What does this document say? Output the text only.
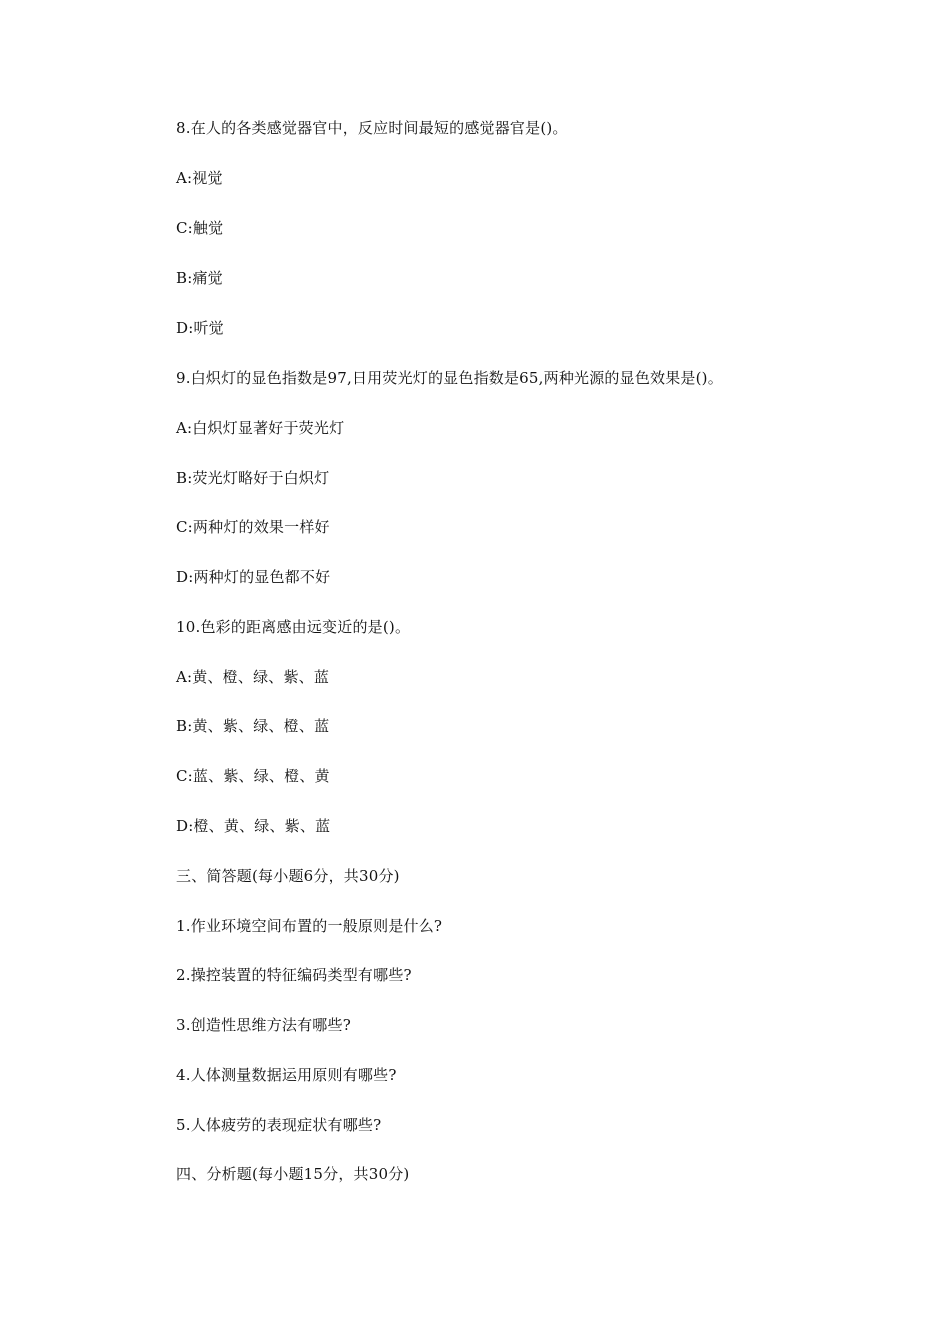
8.在人的各类感觉器官中，反应时间最短的感觉器官是()。
A:视觉
C:触觉
B:痛觉
D:听觉
9.白炽灯的显色指数是97,日用荧光灯的显色指数是65,两种光源的显色效果是()。
A:白炽灯显著好于荧光灯
B:荧光灯略好于白炽灯
C:两种灯的效果一样好
D:两种灯的显色都不好
10.色彩的距离感由远变近的是()。
A:黄、橙、绿、紫、蓝
B:黄、紫、绿、橙、蓝
C:蓝、紫、绿、橙、黄
D:橙、黄、绿、紫、蓝
三、简答题(每小题6分，共30分)
1.作业环境空间布置的一般原则是什么?
2.操控装置的特征编码类型有哪些?
3.创造性思维方法有哪些?
4.人体测量数据运用原则有哪些?
5.人体疲劳的表现症状有哪些?
四、分析题(每小题15分，共30分)
